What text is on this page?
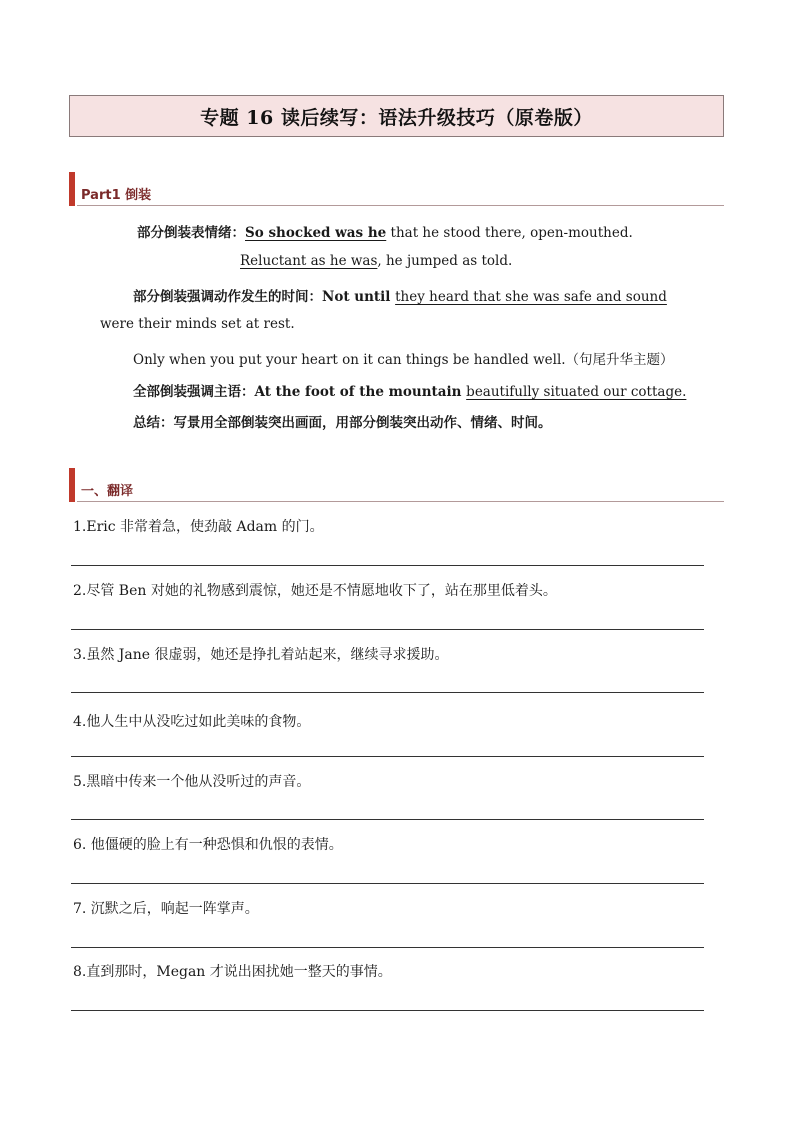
专题 16 读后续写：语法升级技巧（原卷版）
Part1 倒装
部分倒装表情绪：So shocked was he that he stood there, open-mouthed.
Reluctant as he was, he jumped as told.
部分倒装强调动作发生的时间：Not until they heard that she was safe and sound
were their minds set at rest.
Only when you put your heart on it can things be handled well.（句尾升华主题）
全部倒装强调主语：At the foot of the mountain beautifully situated our cottage.
总结：写景用全部倒装突出画面，用部分倒装突出动作、情绪、时间。
一、翻译
1.Eric 非常着急，使劲敲 Adam 的门。
2.尽管 Ben 对她的礼物感到震惊，她还是不情愿地收下了，站在那里低着头。
3.虽然 Jane 很虚弱，她还是挣扎着站起来，继续寻求援助。
4.他人生中从没吃过如此美味的食物。
5.黑暗中传来一个他从没听过的声音。
6. 他僵硬的脸上有一种恐惧和仇恨的表情。
7. 沉默之后，响起一阵掌声。
8.直到那时，Megan 才说出困扰她一整天的事情。
